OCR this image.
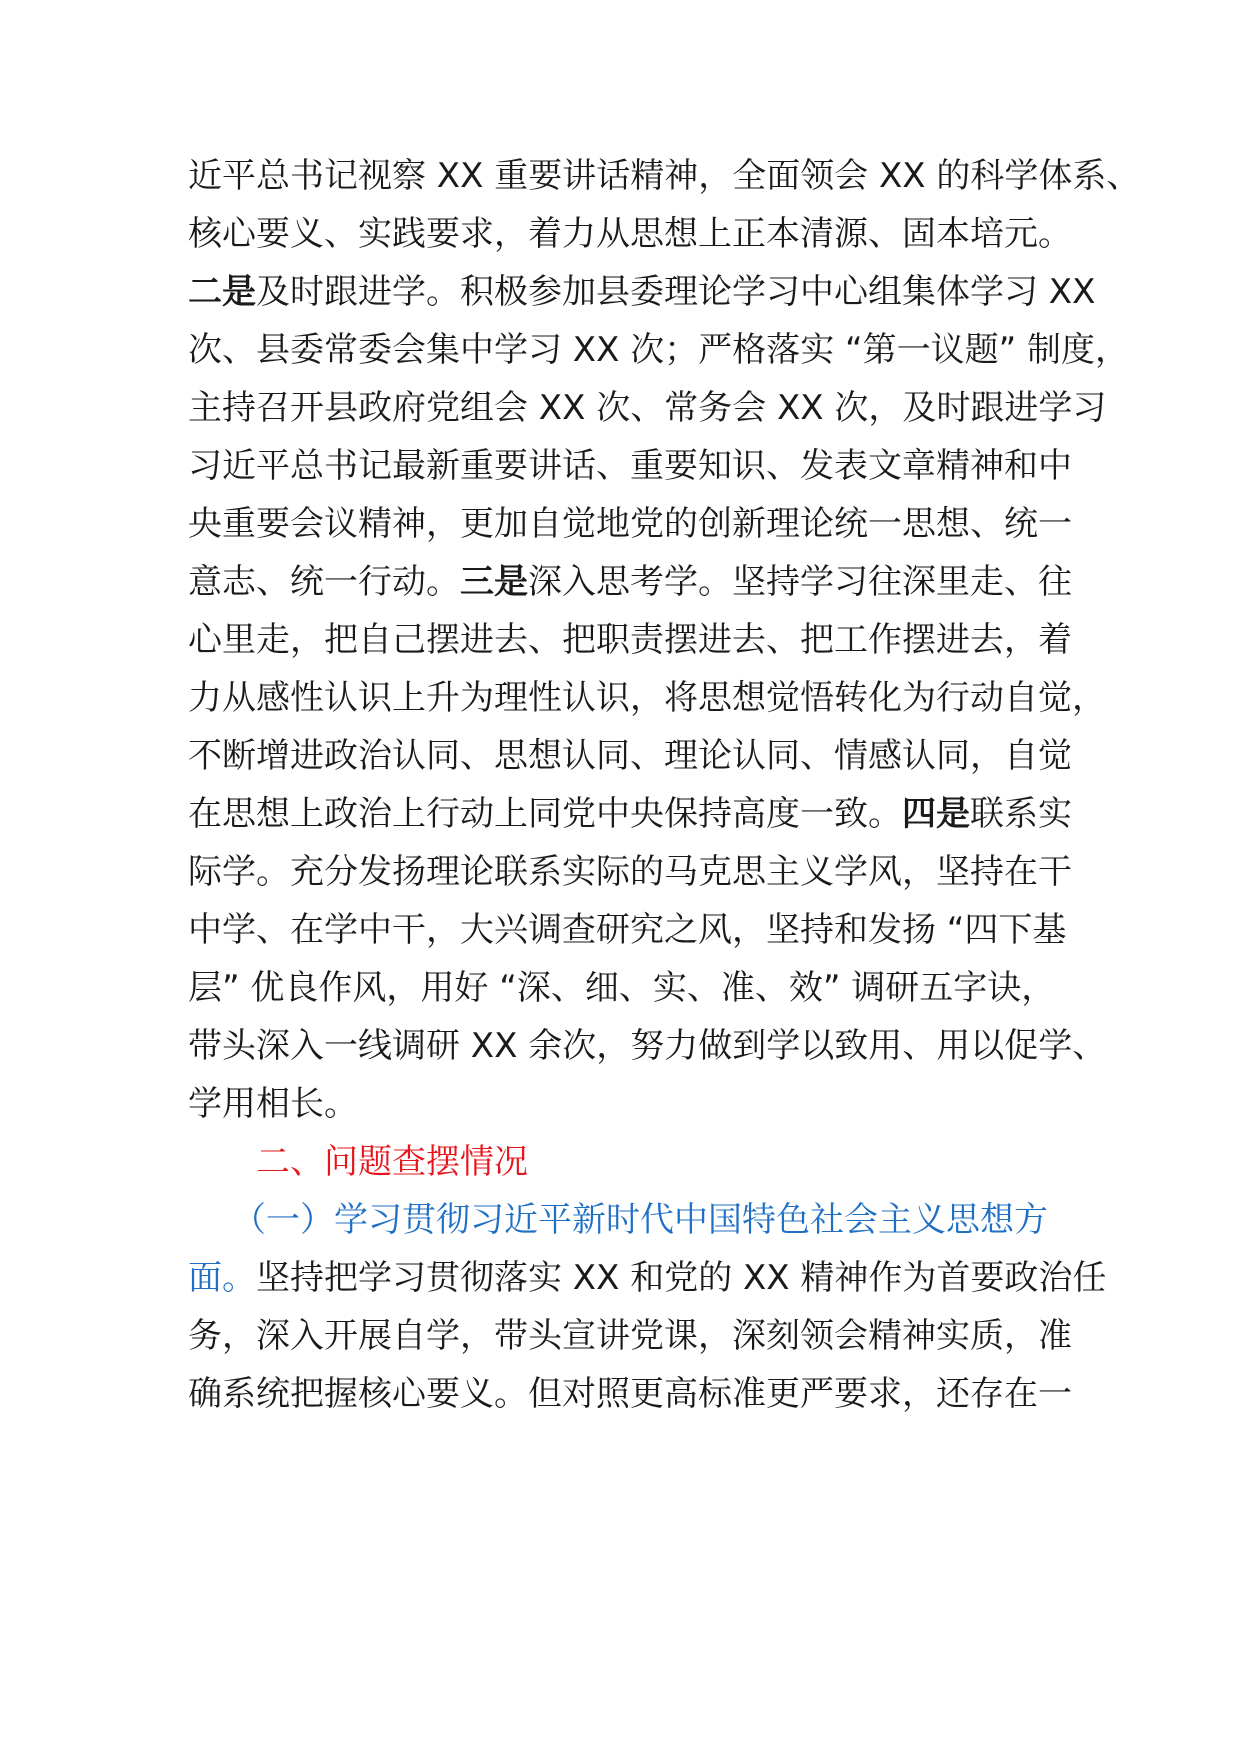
近平总书记视察 XX 重要讲话精神，全面领会 XX 的科学体系、
核心要义、实践要求，着力从思想上正本清源、固本培元。
二是及时跟进学。积极参加县委理论学习中心组集体学习 XX
次、县委常委会集中学习 XX 次；严格落实 “第一议题” 制度，
主持召开县政府党组会 XX 次、常务会 XX 次，及时跟进学习
习近平总书记最新重要讲话、重要知识、发表文章精神和中
央重要会议精神，更加自觉地党的创新理论统一思想、统一
意志、统一行动。三是深入思考学。坚持学习往深里走、往
心里走，把自己摆进去、把职责摆进去、把工作摆进去，着
力从感性认识上升为理性认识，将思想觉悟转化为行动自觉，
不断增进政治认同、思想认同、理论认同、情感认同，自觉
在思想上政治上行动上同党中央保持高度一致。四是联系实
际学。充分发扬理论联系实际的马克思主义学风，坚持在干
中学、在学中干，大兴调查研究之风，坚持和发扬 “四下基
层” 优良作风，用好 “深、细、实、准、效” 调研五字诀，
带头深入一线调研 XX 余次，努力做到学以致用、用以促学、
学用相长。
二、问题查摆情况
（一）学习贯彻习近平新时代中国特色社会主义思想方
面。坚持把学习贯彻落实 XX 和党的 XX 精神作为首要政治任
务，深入开展自学，带头宣讲党课，深刻领会精神实质，准
确系统把握核心要义。但对照更高标准更严要求，还存在一
